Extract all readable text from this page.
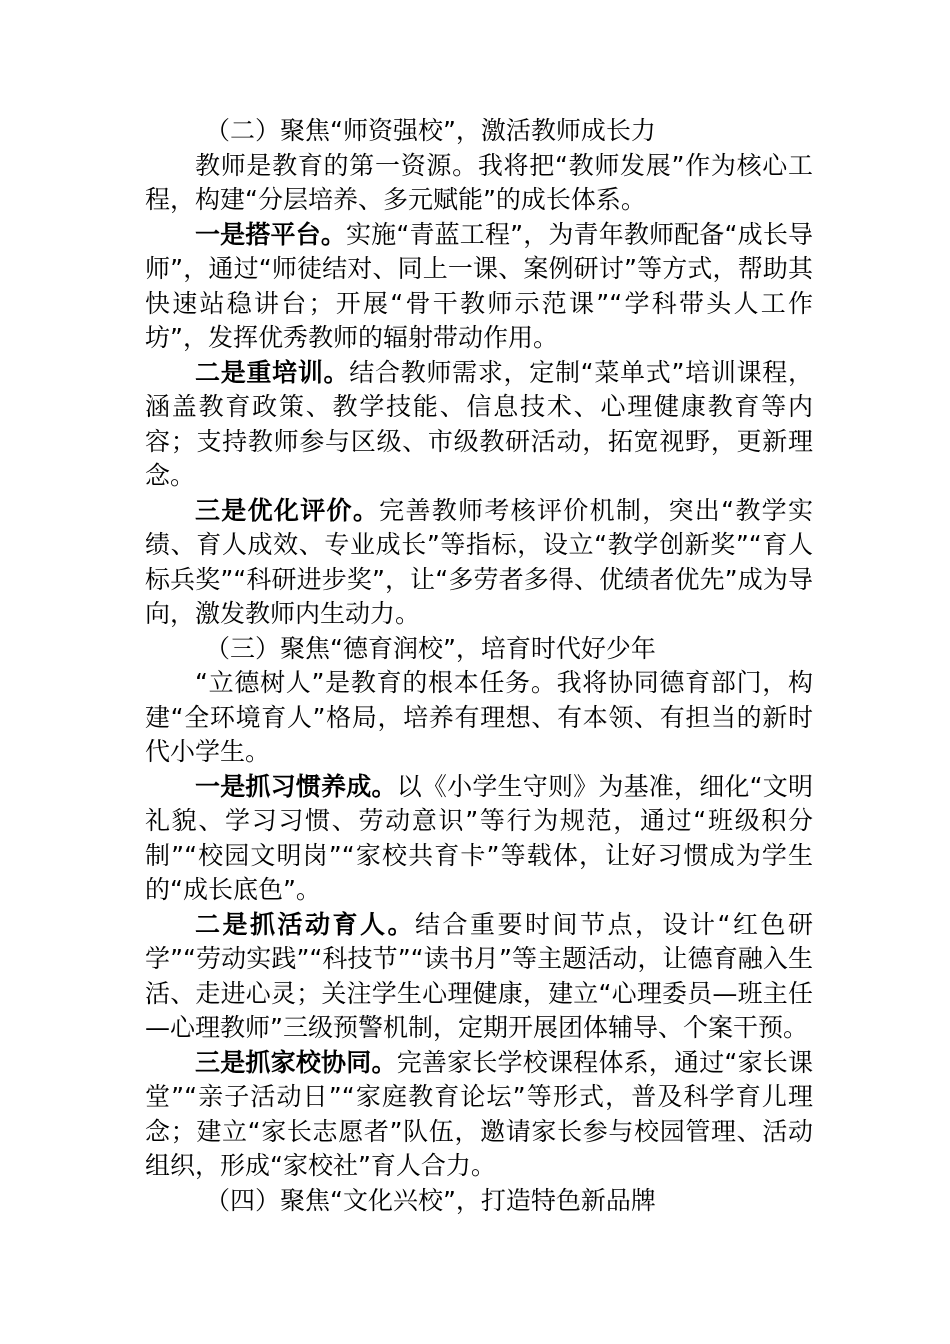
（二）聚焦“师资强校”，激活教师成长力

教师是教育的第一资源。我将把“教师发展”作为核心工程，构建“分层培养、多元赋能”的成长体系。

一是搭平台。实施“青蓝工程”，为青年教师配备“成长导师”，通过“师徒结对、同上一课、案例研讨”等方式，帮助其快速站稳讲台；开展“骨干教师示范课”“学科带头人工作坊”，发挥优秀教师的辐射带动作用。

二是重培训。结合教师需求，定制“菜单式”培训课程，涵盖教育政策、教学技能、信息技术、心理健康教育等内容；支持教师参与区级、市级教研活动，拓宽视野，更新理念。

三是优化评价。完善教师考核评价机制，突出“教学实绩、育人成效、专业成长”等指标，设立“教学创新奖”“育人标兵奖”“科研进步奖”，让“多劳者多得、优绩者优先”成为导向，激发教师内生动力。

（三）聚焦“德育润校”，培育时代好少年

“立德树人”是教育的根本任务。我将协同德育部门，构建“全环境育人”格局，培养有理想、有本领、有担当的新时代小学生。

一是抓习惯养成。以《小学生守则》为基准，细化“文明礼貌、学习习惯、劳动意识”等行为规范，通过“班级积分制”“校园文明岗”“家校共育卡”等载体，让好习惯成为学生的“成长底色”。

二是抓活动育人。结合重要时间节点，设计“红色研学”“劳动实践”“科技节”“读书月”等主题活动，让德育融入生活、走进心灵；关注学生心理健康，建立“心理委员—班主任—心理教师”三级预警机制，定期开展团体辅导、个案干预。

三是抓家校协同。完善家长学校课程体系，通过“家长课堂”“亲子活动日”“家庭教育论坛”等形式，普及科学育儿理念；建立“家长志愿者”队伍，邀请家长参与校园管理、活动组织，形成“家校社”育人合力。

（四）聚焦“文化兴校”，打造特色新品牌
